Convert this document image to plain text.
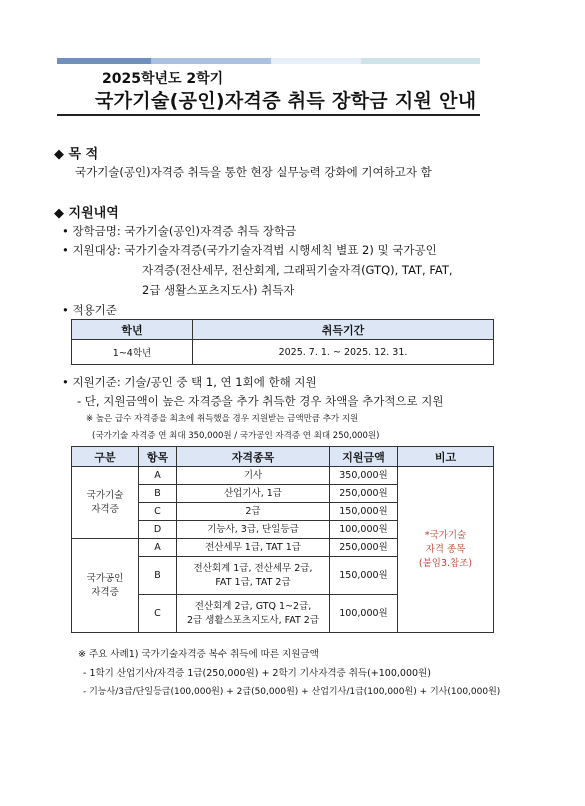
2025학년도 2학기
국가기술(공인)자격증 취득 장학금 지원 안내
◆ 목 적
국가기술(공인)자격증 취득을 통한 현장 실무능력 강화에 기여하고자 함
◆ 지원내역
• 장학금명: 국가기술(공인)자격증 취득 장학금
• 지원대상: 국가기술자격증(국가기술자격법 시행세칙 별표 2) 및 국가공인
자격증(전산세무, 전산회계, 그래픽기술자격(GTQ), TAT, FAT,
2급 생활스포츠지도사) 취득자
• 적용기준
학년	취득기간
1~4학년	2025. 7. 1. ~ 2025. 12. 31.
• 지원기준: 기술/공인 중 택 1, 연 1회에 한해 지원
- 단, 지원금액이 높은 자격증을 추가 취득한 경우 차액을 추가적으로 지원
※ 높은 급수 자격증을 최초에 취득했을 경우 지원받는 금액만큼 추가 지원
(국가기술 자격증 연 최대 350,000원 / 국가공인 자격증 연 최대 250,000원)
구분	항목	자격종목	지원금액	비고
국가기술
자격증	A	기사	350,000원	*국가기술
자격 종목
(붙임3.참조)
	B	산업기사, 1급	250,000원	
	C	2급	150,000원	
	D	기능사, 3급, 단일등급	100,000원	
국가공인
자격증	A	전산세무 1급, TAT 1급	250,000원	
	B	전산회계 1급, 전산세무 2급,
FAT 1급, TAT 2급	150,000원	
	C	전산회계 2급, GTQ 1~2급,
2급 생활스포츠지도사, FAT 2급	100,000원	
※ 주요 사례1) 국가기술자격증 복수 취득에 따른 지원금액
- 1학기 산업기사/자격증 1급(250,000원) + 2학기 기사자격증 취득(+100,000원)
- 기능사/3급/단일등급(100,000원) + 2급(50,000원) + 산업기사/1급(100,000원) + 기사(100,000원)
